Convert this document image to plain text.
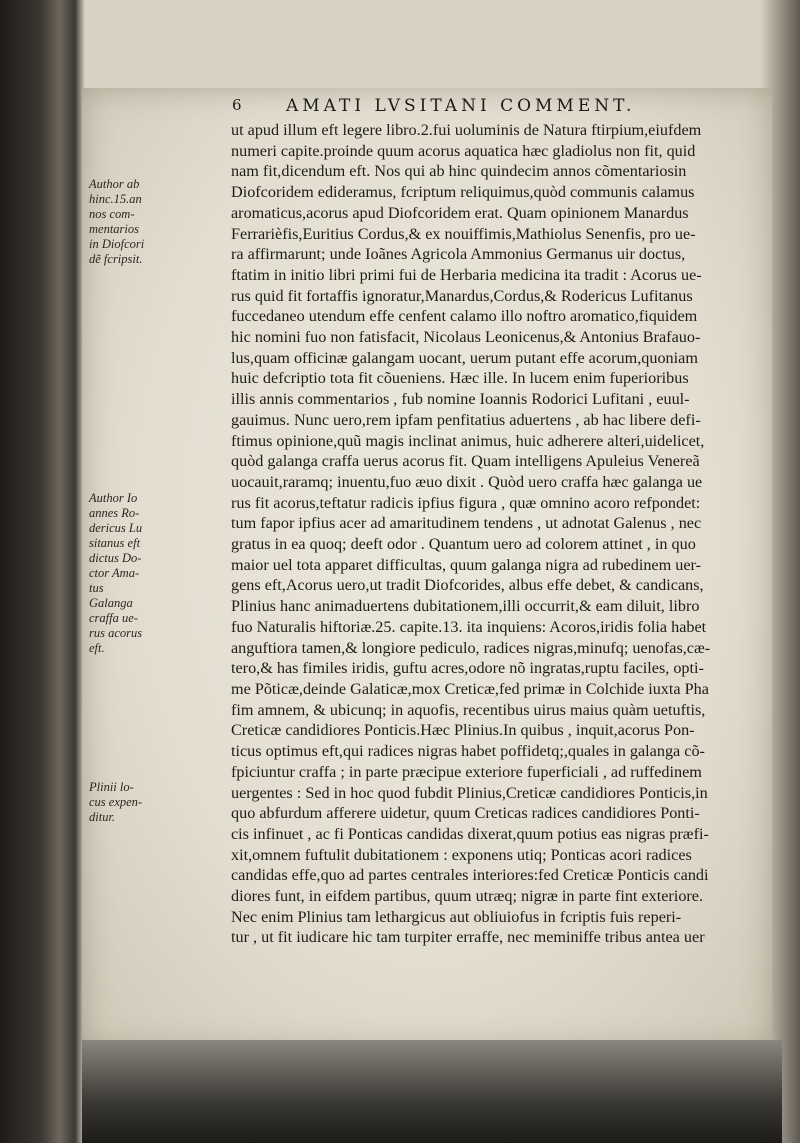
6	AMATI LVSITANI COMMENT.
ut apud illum eft legere libro.2.fui uoluminis de Natura ftirpium,eiufdem
numeri capite.proinde quum acorus aquatica hæc gladiolus non fit, quid
nam fit,dicendum eft. Nos qui ab hinc quindecim annos cõmentariosin
Diofcoridem edideramus, fcriptum reliquimus,quòd communis calamus
aromaticus,acorus apud Diofcoridem erat. Quam opinionem Manardus
Ferrarièfis,Euritius Cordus,& ex nouiffimis,Mathiolus Senenfis, pro ue-
ra affirmarunt; unde Ioãnes Agricola Ammonius Germanus uir doctus,
ftatim in initio libri primi fui de Herbaria medicina ita tradit : Acorus ue-
rus quid fit fortaffis ignoratur,Manardus,Cordus,& Rodericus Lufitanus
fuccedaneo utendum effe cenfent calamo illo noftro aromatico,fiquidem
hic nomini fuo non fatisfacit, Nicolaus Leonicenus,& Antonius Brafauo-
lus,quam officinæ galangam uocant, uerum putant effe acorum,quoniam
huic defcriptio tota fit cõueniens. Hæc ille. In lucem enim fuperioribus
illis annis commentarios , fub nomine Ioannis Rodorici Lufitani , euul-
gauimus. Nunc uero,rem ipfam penfitatius aduertens , ab hac libere defi-
ftimus opinione,quũ magis inclinat animus, huic adherere alteri,uidelicet,
quòd galanga craffa uerus acorus fit. Quam intelligens Apuleius Venereã
uocauit,raramq; inuentu,fuo æuo dixit . Quòd uero craffa hæc galanga ue
rus fit acorus,teftatur radicis ipfius figura , quæ omnino acoro refpondet:
tum fapor ipfius acer ad amaritudinem tendens , ut adnotat Galenus , nec
gratus in ea quoq; deeft odor . Quantum uero ad colorem attinet , in quo
maior uel tota apparet difficultas, quum galanga nigra ad rubedinem uer-
gens eft,Acorus uero,ut tradit Diofcorides, albus effe debet, & candicans,
Plinius hanc animaduertens dubitationem,illi occurrit,& eam diluit, libro
fuo Naturalis hiftoriæ.25. capite.13. ita inquiens: Acoros,iridis folia habet
anguftiora tamen,& longiore pediculo, radices nigras,minufq; uenofas,cæ-
tero,& has fimiles iridis, guftu acres,odore nõ ingratas,ruptu faciles, opti-
me Põticæ,deinde Galaticæ,mox Creticæ,fed primæ in Colchide iuxta Pha
fim amnem, & ubicunq; in aquofis, recentibus uirus maius quàm uetuftis,
Creticæ candidiores Ponticis.Hæc Plinius.In quibus , inquit,acorus Pon-
ticus optimus eft,qui radices nigras habet poffidetq;,quales in galanga cõ-
fpiciuntur craffa ; in parte præcipue exteriore fuperficiali , ad ruffedinem
uergentes : Sed in hoc quod fubdit Plinius,Creticæ candidiores Ponticis,in
quo abfurdum afferere uidetur, quum Creticas radices candidiores Ponti-
cis infinuet , ac fi Ponticas candidas dixerat,quum potius eas nigras præfi-
xit,omnem fuftulit dubitationem : exponens utiq; Ponticas acori radices
candidas effe,quo ad partes centrales interiores:fed Creticæ Ponticis candi
diores funt, in eifdem partibus, quum utræq; nigræ in parte fint exteriore.
Nec enim Plinius tam lethargicus aut obliuiofus in fcriptis fuis reperi-
tur , ut fit iudicare hic tam turpiter erraffe, nec meminiffe tribus antea uer
Author ab
hinc.15.an
nos com-
mentarios
in Diofcori
dẽ fcripsit.
Author Io
annes Ro-
dericus Lu
sitanus eft
dictus Do-
ctor Ama-
tus
Galanga
craffa ue-
rus acorus
eft.
Plinii lo-
cus expen-
ditur.
